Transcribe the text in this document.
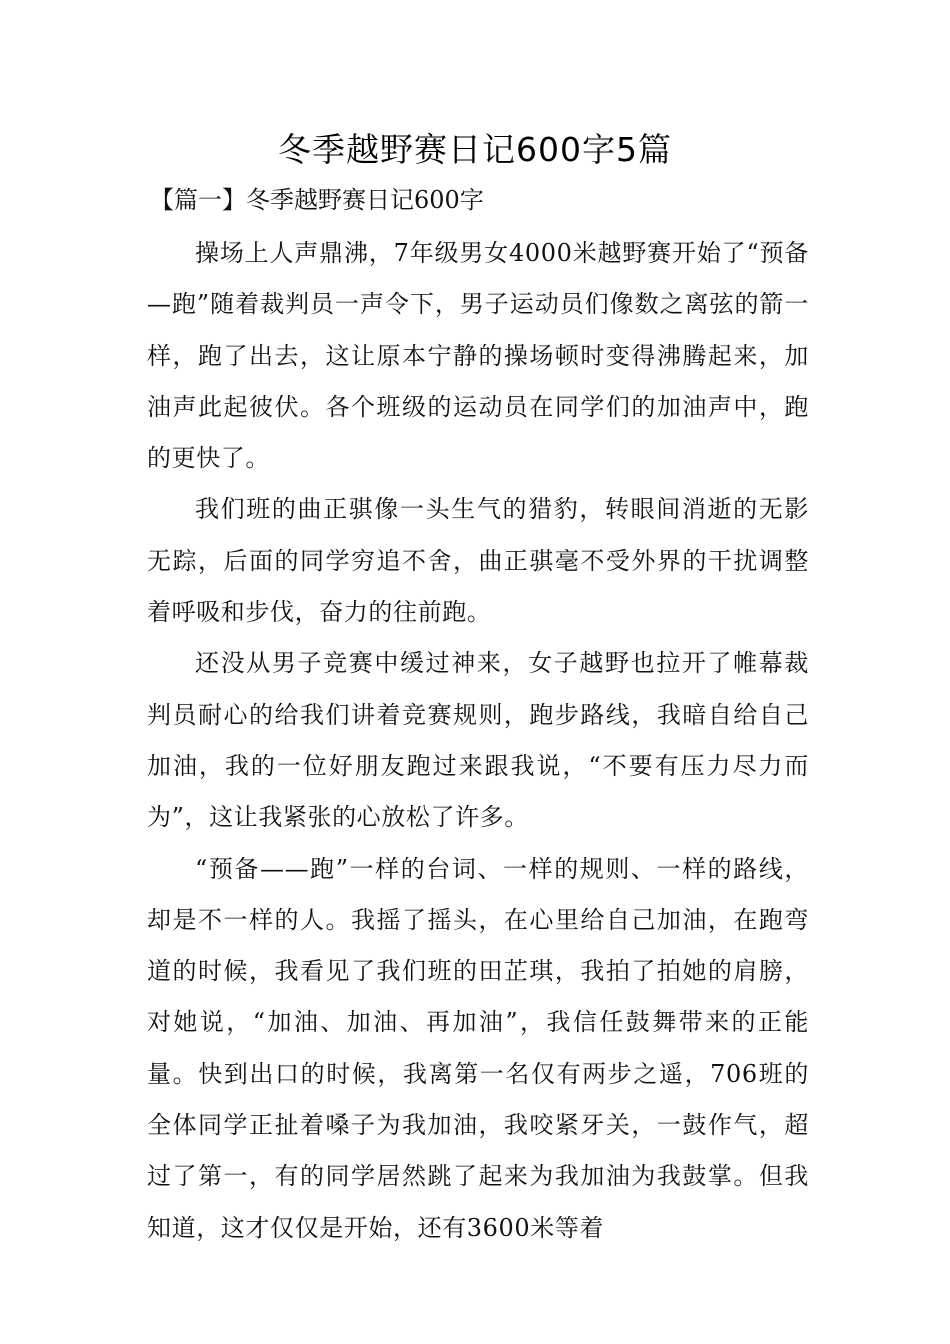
冬季越野赛日记600字5篇
【篇一】冬季越野赛日记600字

操场上人声鼎沸，7年级男女4000米越野赛开始了“预备—跑”随着裁判员一声令下，男子运动员们像数之离弦的箭一样，跑了出去，这让原本宁静的操场顿时变得沸腾起来，加油声此起彼伏。各个班级的运动员在同学们的加油声中，跑的更快了。

我们班的曲正骐像一头生气的猎豹，转眼间消逝的无影无踪，后面的同学穷追不舍，曲正骐毫不受外界的干扰调整着呼吸和步伐，奋力的往前跑。

还没从男子竞赛中缓过神来，女子越野也拉开了帷幕裁判员耐心的给我们讲着竞赛规则，跑步路线，我暗自给自己加油，我的一位好朋友跑过来跟我说，“不要有压力尽力而为”，这让我紧张的心放松了许多。

“预备——跑”一样的台词、一样的规则、一样的路线，却是不一样的人。我摇了摇头，在心里给自己加油，在跑弯道的时候，我看见了我们班的田芷琪，我拍了拍她的肩膀，对她说，“加油、加油、再加油”，我信任鼓舞带来的正能量。快到出口的时候，我离第一名仅有两步之遥，706班的全体同学正扯着嗓子为我加油，我咬紧牙关，一鼓作气，超过了第一，有的同学居然跳了起来为我加油为我鼓掌。但我知道，这才仅仅是开始，还有3600米等着
